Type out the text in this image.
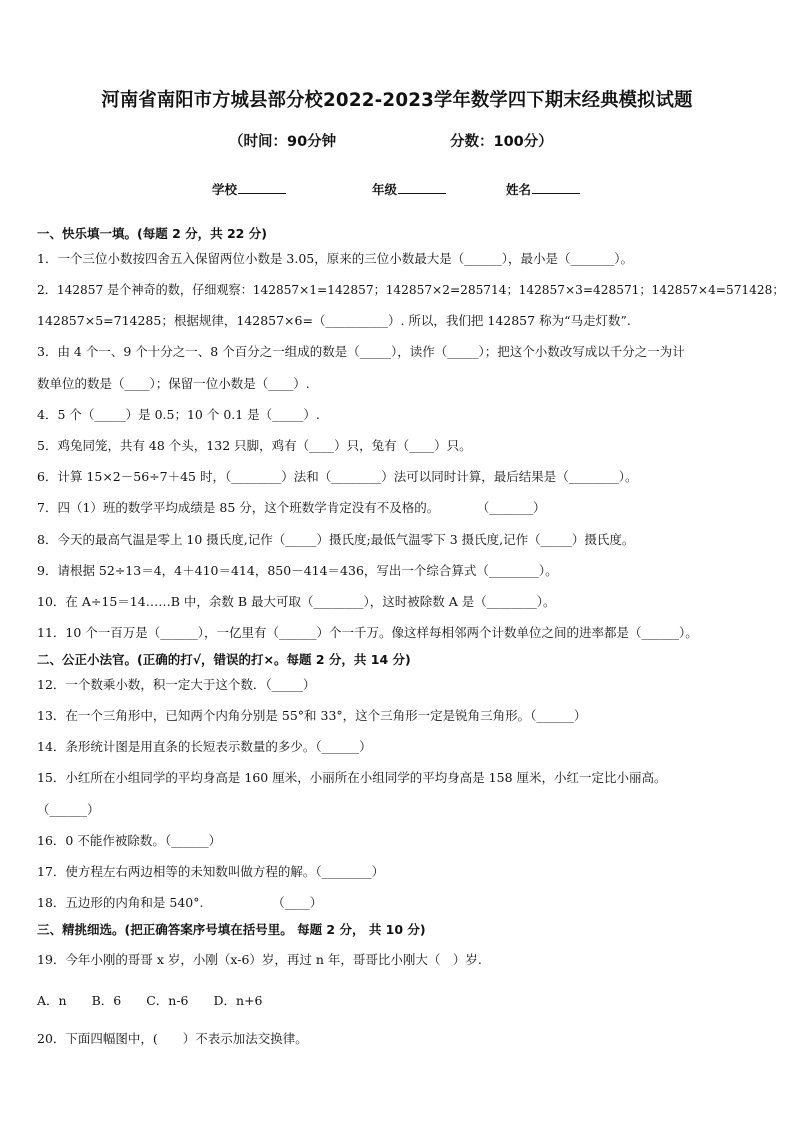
河南省南阳市方城县部分校2022-2023学年数学四下期末经典模拟试题
（时间：90分钟	分数：100分）
学校	年级	姓名
一、快乐填一填。(每题 2 分，共 22 分)
1．一个三位小数按四舍五入保留两位小数是 3.05，原来的三位小数最大是（______），最小是（_______）。
2．142857 是个神奇的数，仔细观察：142857×1=142857；142857×2=285714；142857×3=428571；142857×4=571428；
142857×5=714285；根据规律，142857×6=（__________）. 所以，我们把 142857 称为“马走灯数”.
3．由 4 个一、9 个十分之一、8 个百分之一组成的数是（_____），读作（_____）；把这个小数改写成以千分之一为计
数单位的数是（____）；保留一位小数是（____）.
4．5 个（_____）是 0.5；10 个 0.1 是（_____）.
5．鸡兔同笼，共有 48 个头，132 只脚，鸡有（____）只，兔有（____）只。
6．计算 15×2－56÷7＋45 时，（________）法和（________）法可以同时计算，最后结果是（________）。
7．四（1）班的数学平均成绩是 85 分，这个班数学肯定没有不及格的。　　　　（_______）
8．今天的最高气温是零上 10 摄氏度,记作（_____）摄氏度;最低气温零下 3 摄氏度,记作（_____）摄氏度。
9．请根据 52÷13＝4，4＋410＝414，850－414＝436，写出一个综合算式（________）。
10．在 A÷15＝14……B 中，余数 B 最大可取（________），这时被除数 A 是（________）。
11．10 个一百万是（______），一亿里有（______）个一千万。像这样每相邻两个计数单位之间的进率都是（______）。
二、公正小法官。(正确的打√，错误的打×。每题 2 分，共 14 分)
12．一个数乘小数，积一定大于这个数．（_____）
13．在一个三角形中，已知两个内角分别是 55°和 33°，这个三角形一定是锐角三角形。（______）
14．条形统计图是用直条的长短表示数量的多少。（______）
15．小红所在小组同学的平均身高是 160 厘米，小丽所在小组同学的平均身高是 158 厘米，小红一定比小丽高。
（______）
16．0 不能作被除数。（______）
17．使方程左右两边相等的未知数叫做方程的解。（________）
18．五边形的内角和是 540°.　　　　　　（____）
三、精挑细选。(把正确答案序号填在括号里。 每题 2 分， 共 10 分)
19．今年小刚的哥哥 x 岁，小刚（x-6）岁，再过 n 年，哥哥比小刚大（　）岁.
A．n　　B．6　　C．n-6　　D．n+6
20．下面四幅图中，(　　）不表示加法交换律。
